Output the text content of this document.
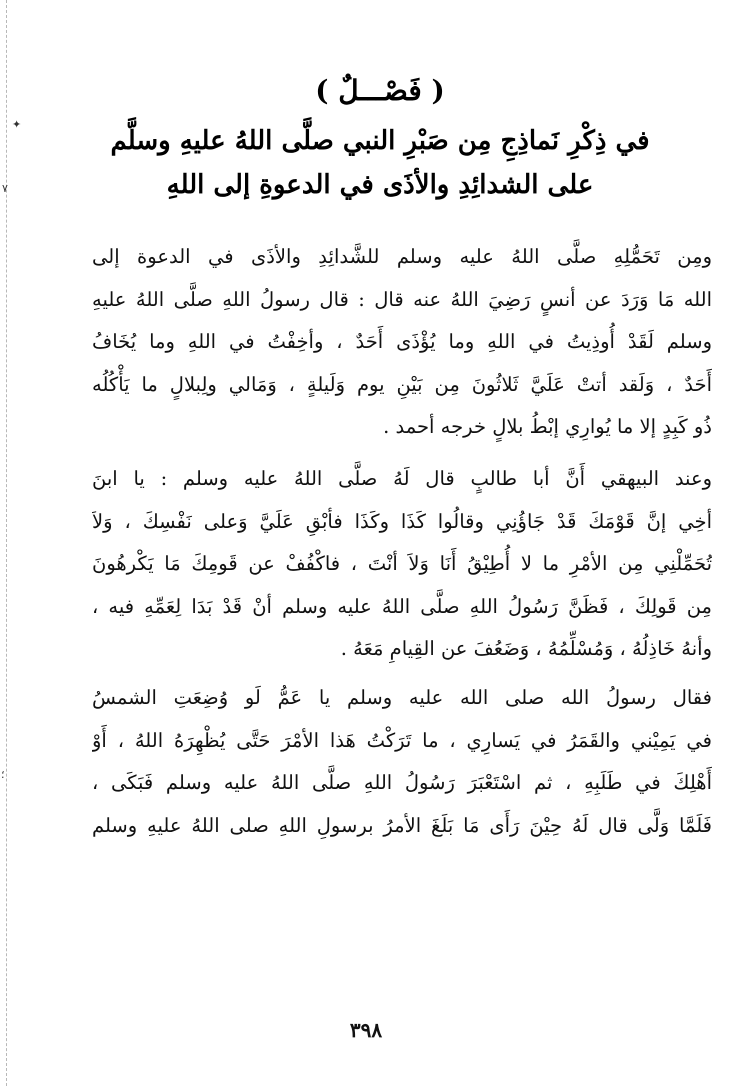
✦
٧
؛
( فَصْـــلٌ )
في ذِكْرِ نَماذِجِ مِن صَبْرِ النبي صلَّى اللهُ عليهِ وسلَّم
على الشدائِدِ والأذَى في الدعوةِ إلى اللهِ
ومِن تَحَمُّلِهِ صلَّى اللهُ عليه وسلم للشَّدائِدِ والأذَى في الدعوة إلى
الله مَا وَرَدَ عن أنسٍ رَضِيَ اللهُ عنه قال : قال رسولُ اللهِ صلَّى اللهُ عليهِ
وسلم لَقَدْ أُوذِيتُ في اللهِ وما يُؤْذَى أَحَدٌ ، وأخِفْتُ في اللهِ وما يُخَافُ
أَحَدٌ ، وَلَقد أتتْ عَلَيَّ ثَلاثُونَ مِن بَيْنِ يوم وَلَيلةٍ ، وَمَالي ولِبلالٍ ما يَأْكُلُه
ذُو كَبِدٍ إلا ما يُوارِي إبْطُ بلالٍ خرجه أحمد .
وعند البيهقي أَنَّ أبا طالبٍ قال لَهُ صلَّى اللهُ عليه وسلم : يا ابنَ
أخِي إنَّ قَوْمَكَ قَدْ جَاؤُنِي وقالُوا كَذَا وكَذَا فأبْقِ عَلَيَّ وَعلى نَفْسِكَ ، وَلاَ
تُحَمِّلْنِي مِن الأمْرِ ما لا أُطِيْقُ أَنَا وَلاَ أنْتَ ، فاكْفُفْ عن قَومِكَ مَا يَكْرهُونَ
مِن قَولِكَ ، فَظَنَّ رَسُولُ اللهِ صلَّى اللهُ عليه وسلم أنْ قَدْ بَدَا لِعَمِّهِ فيه ،
وأنهُ خَاذِلُهُ ، وَمُسْلِّمُهُ ، وَضَعُفَ عن القِيامِ مَعَهُ .
فقال رسولُ الله صلى الله عليه وسلم يا عَمُّ لَو وُضِعَتِ الشمسُ
في يَمِيْني والقَمَرُ في يَسارِي ، ما تَرَكْتُ هَذا الأمْرَ حَتَّى يُظْهِرَهُ اللهُ ، أَوْ
أَهْلِكَ في طَلَبِهِ ، ثم اسْتَعْبَرَ رَسُولُ اللهِ صلَّى اللهُ عليه وسلم فَبَكَى ،
فَلَمَّا وَلَّى قال لَهُ حِيْنَ رَأَى مَا بَلَغَ الأمرُ برسولِ اللهِ صلى اللهُ عليهِ وسلم
٣٩٨
